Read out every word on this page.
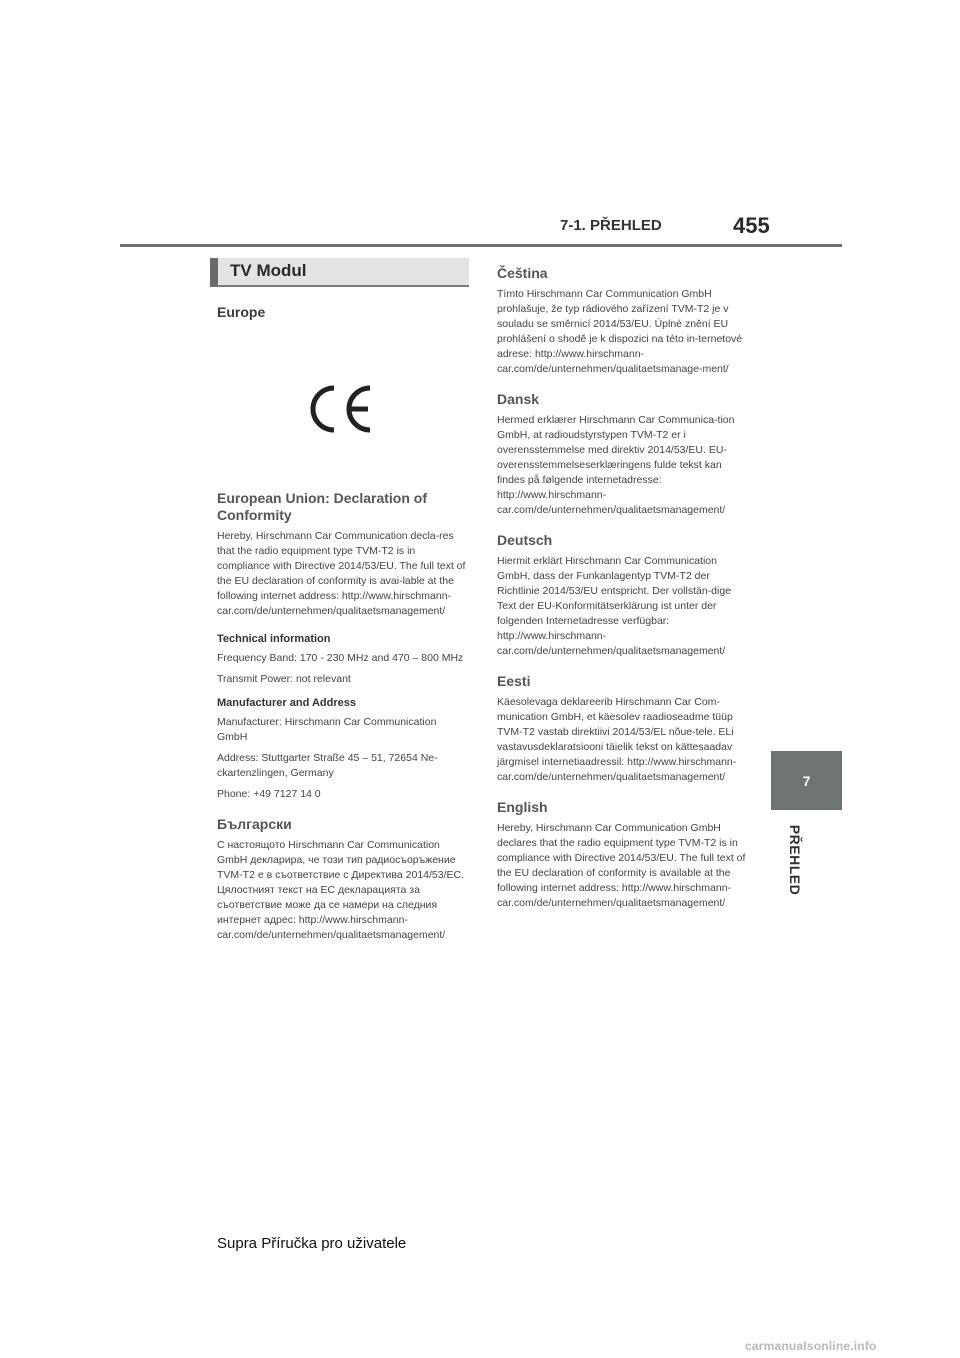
7-1. PŘEHLED	455
7
PŘEHLED
TV Modul
Europe
European Union: Declaration of Conformity
Hereby, Hirschmann Car Communication decla-res that the radio equipment type TVM-T2 is in compliance with Directive 2014/53/EU. The full text of the EU declaration of conformity is avai-lable at the following internet address: http://www.hirschmann-car.com/de/unternehmen/qualitaetsmanagement/
Technical information
Frequency Band: 170 - 230 MHz and 470 – 800 MHz
Transmit Power: not relevant
Manufacturer and Address
Manufacturer: Hirschmann Car Communication GmbH
Address: Stuttgarter Straße 45 – 51, 72654 Ne-ckartenzlingen, Germany
Phone: +49 7127 14 0
Български
С настоящото Hirschmann Car Communication GmbH декларира, че този тип радиосъоръжение TVM-T2 е в съответствие с Директива 2014/53/ЕС. Цялостният текст на ЕС декларацията за съответствие може да се намери на следния интернет адрес: http://www.hirschmann-car.com/de/unternehmen/qualitaetsmanagement/
Čeština
Tímto Hirschmann Car Communication GmbH prohlašuje, že typ rádiového zařízení TVM-T2 je v souladu se směrnicí 2014/53/EU. Úplné znění EU prohlášení o shodě je k dispozici na této in-ternetové adrese: http://www.hirschmann-car.com/de/unternehmen/qualitaetsmanage-ment/
Dansk
Hermed erklærer Hirschmann Car Communica-tion GmbH, at radioudstyrstypen TVM-T2 er i overensstemmelse med direktiv 2014/53/EU. EU-overensstemmelseserklæringens fulde tekst kan findes på følgende internetadresse: http://www.hirschmann-car.com/de/unternehmen/qualitaetsmanagement/
Deutsch
Hiermit erklärt Hirschmann Car Communication GmbH, dass der Funkanlagentyp TVM-T2 der Richtlinie 2014/53/EU entspricht. Der vollstän-dige Text der EU-Konformitätserklärung ist unter der folgenden Internetadresse verfügbar: http://www.hirschmann-car.com/de/unternehmen/qualitaetsmanagement/
Eesti
Käesolevaga deklareerib Hirschmann Car Com-munication GmbH, et käesolev raadioseadme tüüp TVM-T2 vastab direktiivi 2014/53/EL nõue-tele. ELi vastavusdeklaratsiooni täielik tekst on kättesaadav järgmisel internetiaadressil: http://www.hirschmann-car.com/de/unternehmen/qualitaetsmanagement/
English
Hereby, Hirschmann Car Communication GmbH declares that the radio equipment type TVM-T2 is in compliance with Directive 2014/53/EU. The full text of the EU declaration of conformity is available at the following internet address: http://www.hirschmann-car.com/de/unternehmen/qualitaetsmanagement/
Supra Příručka pro uživatele
carmanualsonline.info
